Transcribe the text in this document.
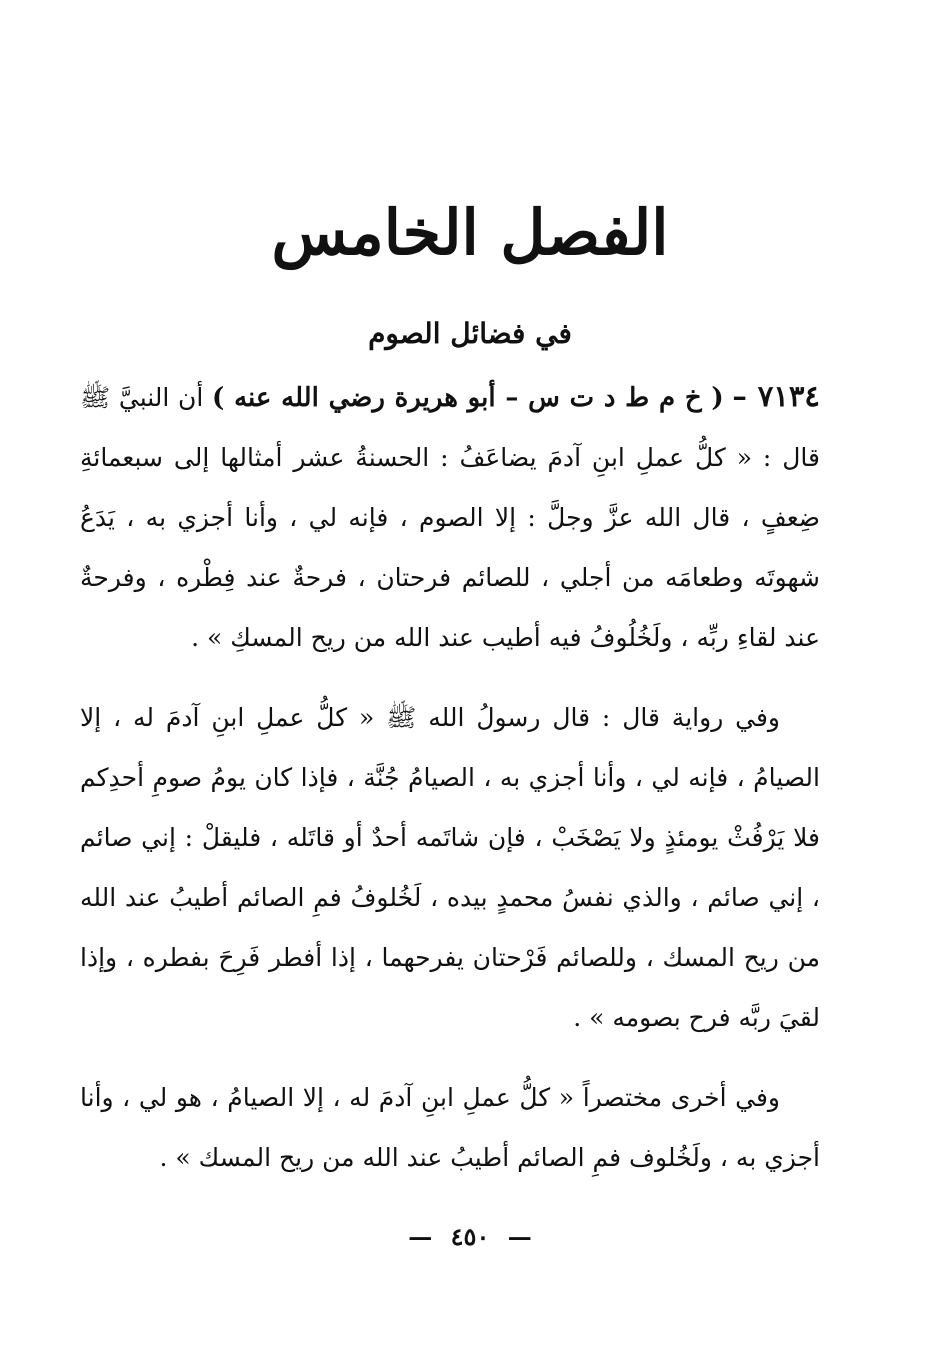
الفصل الخامس
في فضائل الصوم

٧١٣٤ – ( خ م ط د ت س – أبو هريرة رضي الله عنه ) أن النبيَّ ﷺ قال : « كلُّ عملِ ابنِ آدمَ يضاعَفُ : الحسنةُ عشر أمثالها إلى سبعمائةِ ضِعفٍ ، قال الله عزَّ وجلَّ : إلا الصوم ، فإنه لي ، وأنا أجزي به ، يَدَعُ شهوتَه وطعامَه من أجلي ، للصائم فرحتان ، فرحةٌ عند فِطْره ، وفرحةٌ عند لقاءِ ربِّه ، ولَخُلُوفُ فيه أطيب عند الله من ريح المسكِ » .

وفي رواية قال : قال رسولُ الله ﷺ « كلُّ عملِ ابنِ آدمَ له ، إلا الصيامُ ، فإنه لي ، وأنا أجزي به ، الصيامُ جُنَّة ، فإذا كان يومُ صومِ أحدِكم فلا يَرْفُثْ يومئذٍ ولا يَصْخَبْ ، فإن شاتَمه أحدٌ أو قاتَله ، فليقلْ : إني صائم ، إني صائم ، والذي نفسُ محمدٍ بيده ، لَخُلوفُ فمِ الصائم أطيبُ عند الله من ريح المسك ، وللصائم فَرْحتان يفرحهما ، إذا أفطر فَرِحَ بفطره ، وإذا لقيَ ربَّه فرح بصومه » .

وفي أخرى مختصراً « كلُّ عملِ ابنِ آدمَ له ، إلا الصيامُ ، هو لي ، وأنا أجزي به ، ولَخُلوف فمِ الصائم أطيبُ عند الله من ريح المسك » .

— ٤٥٠ —
